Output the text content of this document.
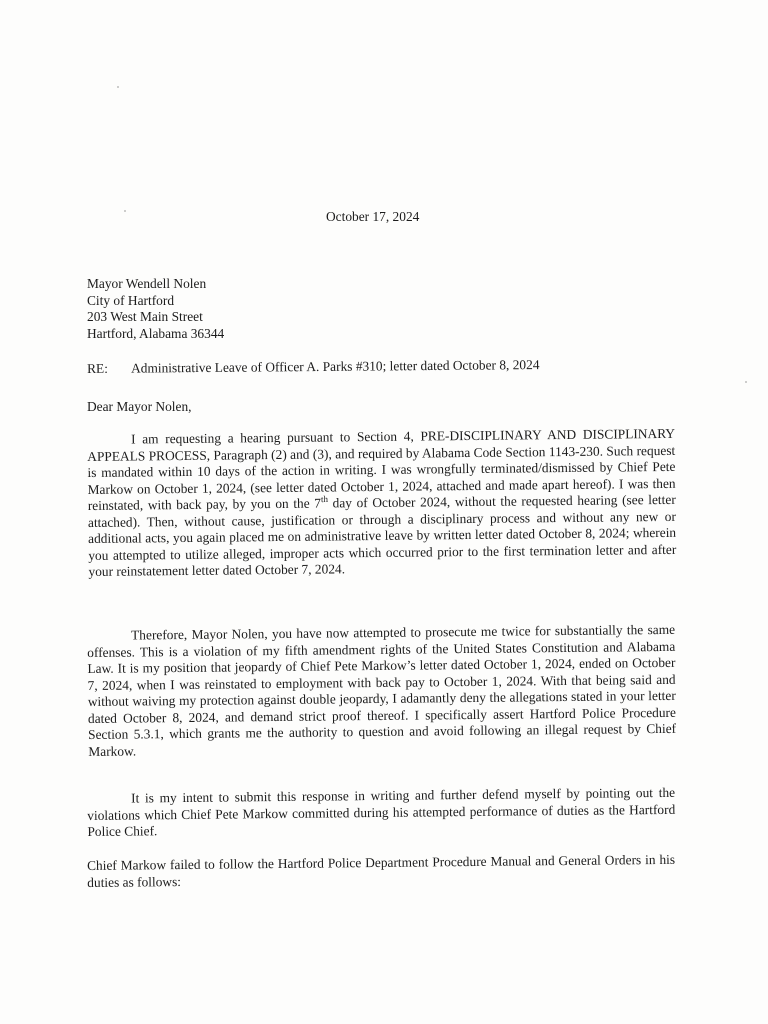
October 17, 2024
Mayor Wendell Nolen
City of Hartford
203 West Main Street
Hartford, Alabama 36344
RE: Administrative Leave of Officer A. Parks #310; letter dated October 8, 2024
Dear Mayor Nolen,
I am requesting a hearing pursuant to Section 4, PRE-DISCIPLINARY AND DISCIPLINARY APPEALS PROCESS, Paragraph (2) and (3), and required by Alabama Code Section 1143-230. Such request is mandated within 10 days of the action in writing. I was wrongfully terminated/dismissed by Chief Pete Markow on October 1, 2024, (see letter dated October 1, 2024, attached and made apart hereof). I was then reinstated, with back pay, by you on the 7th day of October 2024, without the requested hearing (see letter attached). Then, without cause, justification or through a disciplinary process and without any new or additional acts, you again placed me on administrative leave by written letter dated October 8, 2024; wherein you attempted to utilize alleged, improper acts which occurred prior to the first termination letter and after your reinstatement letter dated October 7, 2024.
Therefore, Mayor Nolen, you have now attempted to prosecute me twice for substantially the same offenses. This is a violation of my fifth amendment rights of the United States Constitution and Alabama Law. It is my position that jeopardy of Chief Pete Markow’s letter dated October 1, 2024, ended on October 7, 2024, when I was reinstated to employment with back pay to October 1, 2024. With that being said and without waiving my protection against double jeopardy, I adamantly deny the allegations stated in your letter dated October 8, 2024, and demand strict proof thereof. I specifically assert Hartford Police Procedure Section 5.3.1, which grants me the authority to question and avoid following an illegal request by Chief Markow.
It is my intent to submit this response in writing and further defend myself by pointing out the violations which Chief Pete Markow committed during his attempted performance of duties as the Hartford Police Chief.
Chief Markow failed to follow the Hartford Police Department Procedure Manual and General Orders in his duties as follows:
